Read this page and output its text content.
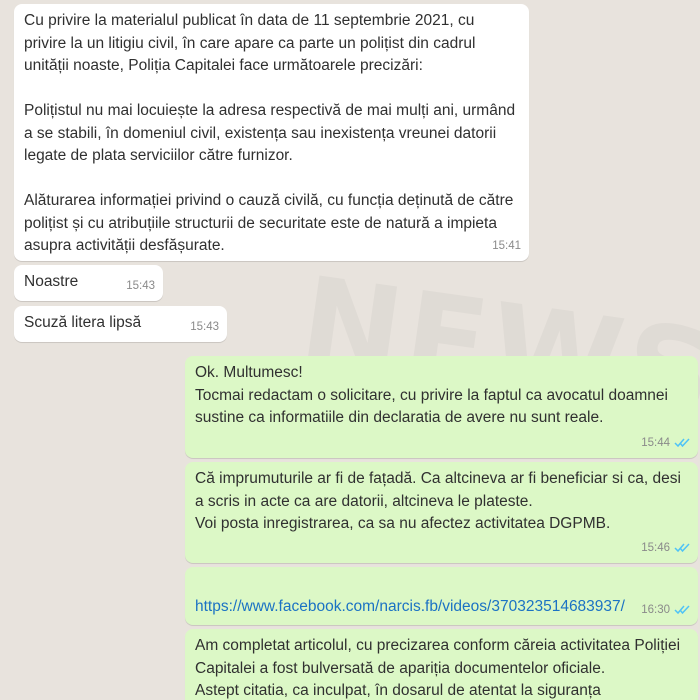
Cu privire la materialul publicat în data de 11 septembrie 2021, cu privire la un litigiu civil, în care apare ca parte un polițist din cadrul unității noaste, Poliția Capitalei face următoarele precizări:

Polițistul nu mai locuiește la adresa respectivă de mai mulți ani, urmând a se stabili, în domeniul civil, existența sau inexistența vreunei datorii legate de plata serviciilor către furnizor.

Alăturarea informației privind o cauză civilă, cu funcția deținută de către polițist și cu atribuțiile structurii de securitate este de natură a impieta asupra activității desfășurate.	15:41
Noastre	15:43
Scuză litera lipsă	15:43
Ok. Multumesc!
Tocmai redactam o solicitare, cu privire la faptul ca avocatul doamnei sustine ca informatiile din declaratia de avere nu sunt reale.
15:44
Că imprumuturile ar fi de fațadă. Ca altcineva ar fi beneficiar si ca, desi a scris in acte ca are datorii, altcineva le plateste.
Voi posta inregistrarea, ca sa nu afectez activitatea DGPMB.
15:46

https://www.facebook.com/narcis.fb/videos/370323514683937/	16:30
Am completat articolul, cu precizarea conform căreia activitatea Poliției Capitalei a fost bulversată de apariția documentelor oficiale.
Astept citatia, ca inculpat, în dosarul de atentat la siguranța
